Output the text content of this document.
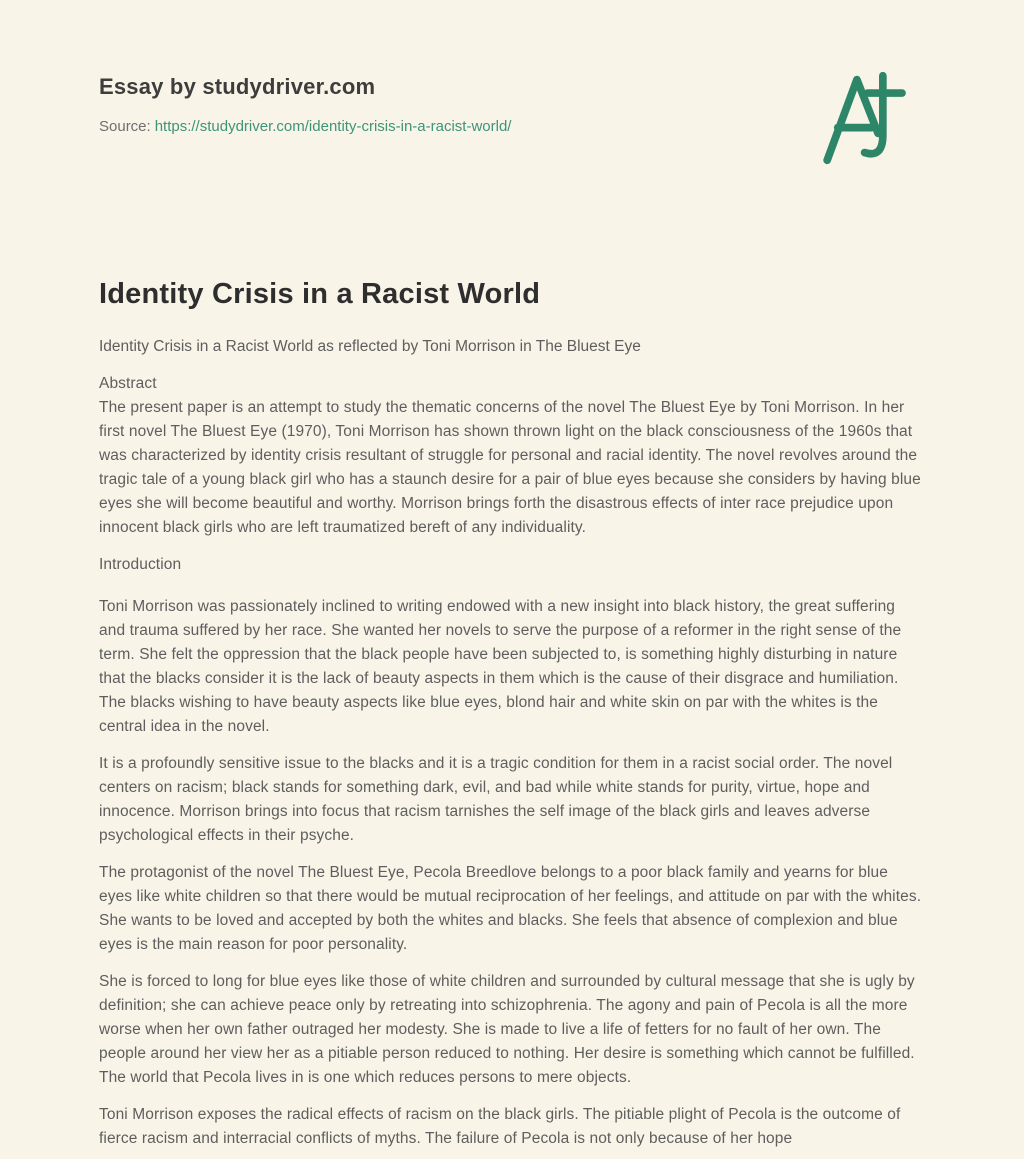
Essay by studydriver.com
Source: https://studydriver.com/identity-crisis-in-a-racist-world/
Identity Crisis in a Racist World

Identity Crisis in a Racist World as reflected by Toni Morrison in The Bluest Eye

Abstract

The present paper is an attempt to study the thematic concerns of the novel The Bluest Eye by Toni Morrison. In her first novel The Bluest Eye (1970), Toni Morrison has shown thrown light on the black consciousness of the 1960s that was characterized by identity crisis resultant of struggle for personal and racial identity. The novel revolves around the tragic tale of a young black girl who has a staunch desire for a pair of blue eyes because she considers by having blue eyes she will become beautiful and worthy. Morrison brings forth the disastrous effects of inter race prejudice upon innocent black girls who are left traumatized bereft of any individuality.

Introduction

Toni Morrison was passionately inclined to writing endowed with a new insight into black history, the great suffering and trauma suffered by her race. She wanted her novels to serve the purpose of a reformer in the right sense of the term. She felt the oppression that the black people have been subjected to, is something highly disturbing in nature that the blacks consider it is the lack of beauty aspects in them which is the cause of their disgrace and humiliation. The blacks wishing to have beauty aspects like blue eyes, blond hair and white skin on par with the whites is the central idea in the novel.

It is a profoundly sensitive issue to the blacks and it is a tragic condition for them in a racist social order. The novel centers on racism; black stands for something dark, evil, and bad while white stands for purity, virtue, hope and innocence. Morrison brings into focus that racism tarnishes the self image of the black girls and leaves adverse psychological effects in their psyche.

The protagonist of the novel The Bluest Eye, Pecola Breedlove belongs to a poor black family and yearns for blue eyes like white children so that there would be mutual reciprocation of her feelings, and attitude on par with the whites. She wants to be loved and accepted by both the whites and blacks. She feels that absence of complexion and blue eyes is the main reason for poor personality.

She is forced to long for blue eyes like those of white children and surrounded by cultural message that she is ugly by definition; she can achieve peace only by retreating into schizophrenia. The agony and pain of Pecola is all the more worse when her own father outraged her modesty. She is made to live a life of fetters for no fault of her own. The people around her view her as a pitiable person reduced to nothing. Her desire is something which cannot be fulfilled. The world that Pecola lives in is one which reduces persons to mere objects.

Toni Morrison exposes the radical effects of racism on the black girls. The pitiable plight of Pecola is the outcome of fierce racism and interracial conflicts of myths. The failure of Pecola is not only because of her hope
